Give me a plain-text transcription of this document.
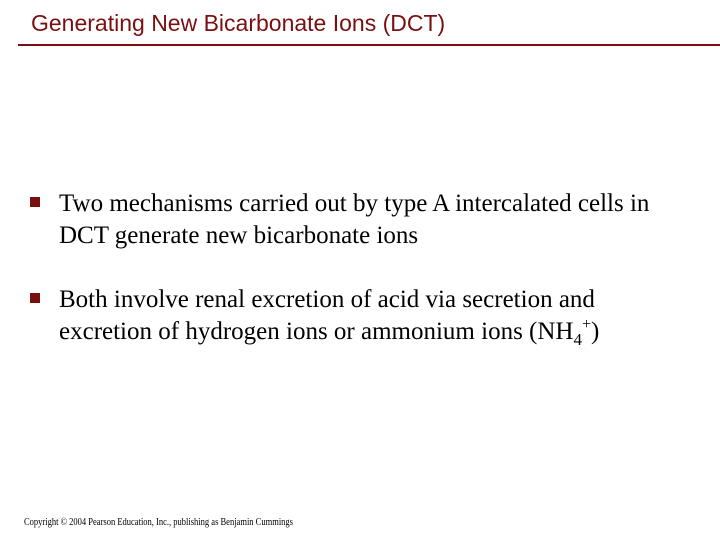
Generating New Bicarbonate Ions (DCT)
Two mechanisms carried out by type A intercalated cells in DCT generate new bicarbonate ions
Both involve renal excretion of acid via secretion and excretion of hydrogen ions or ammonium ions $(NH_4^+)$
Copyright © 2004 Pearson Education, Inc., publishing as Benjamin Cummings
